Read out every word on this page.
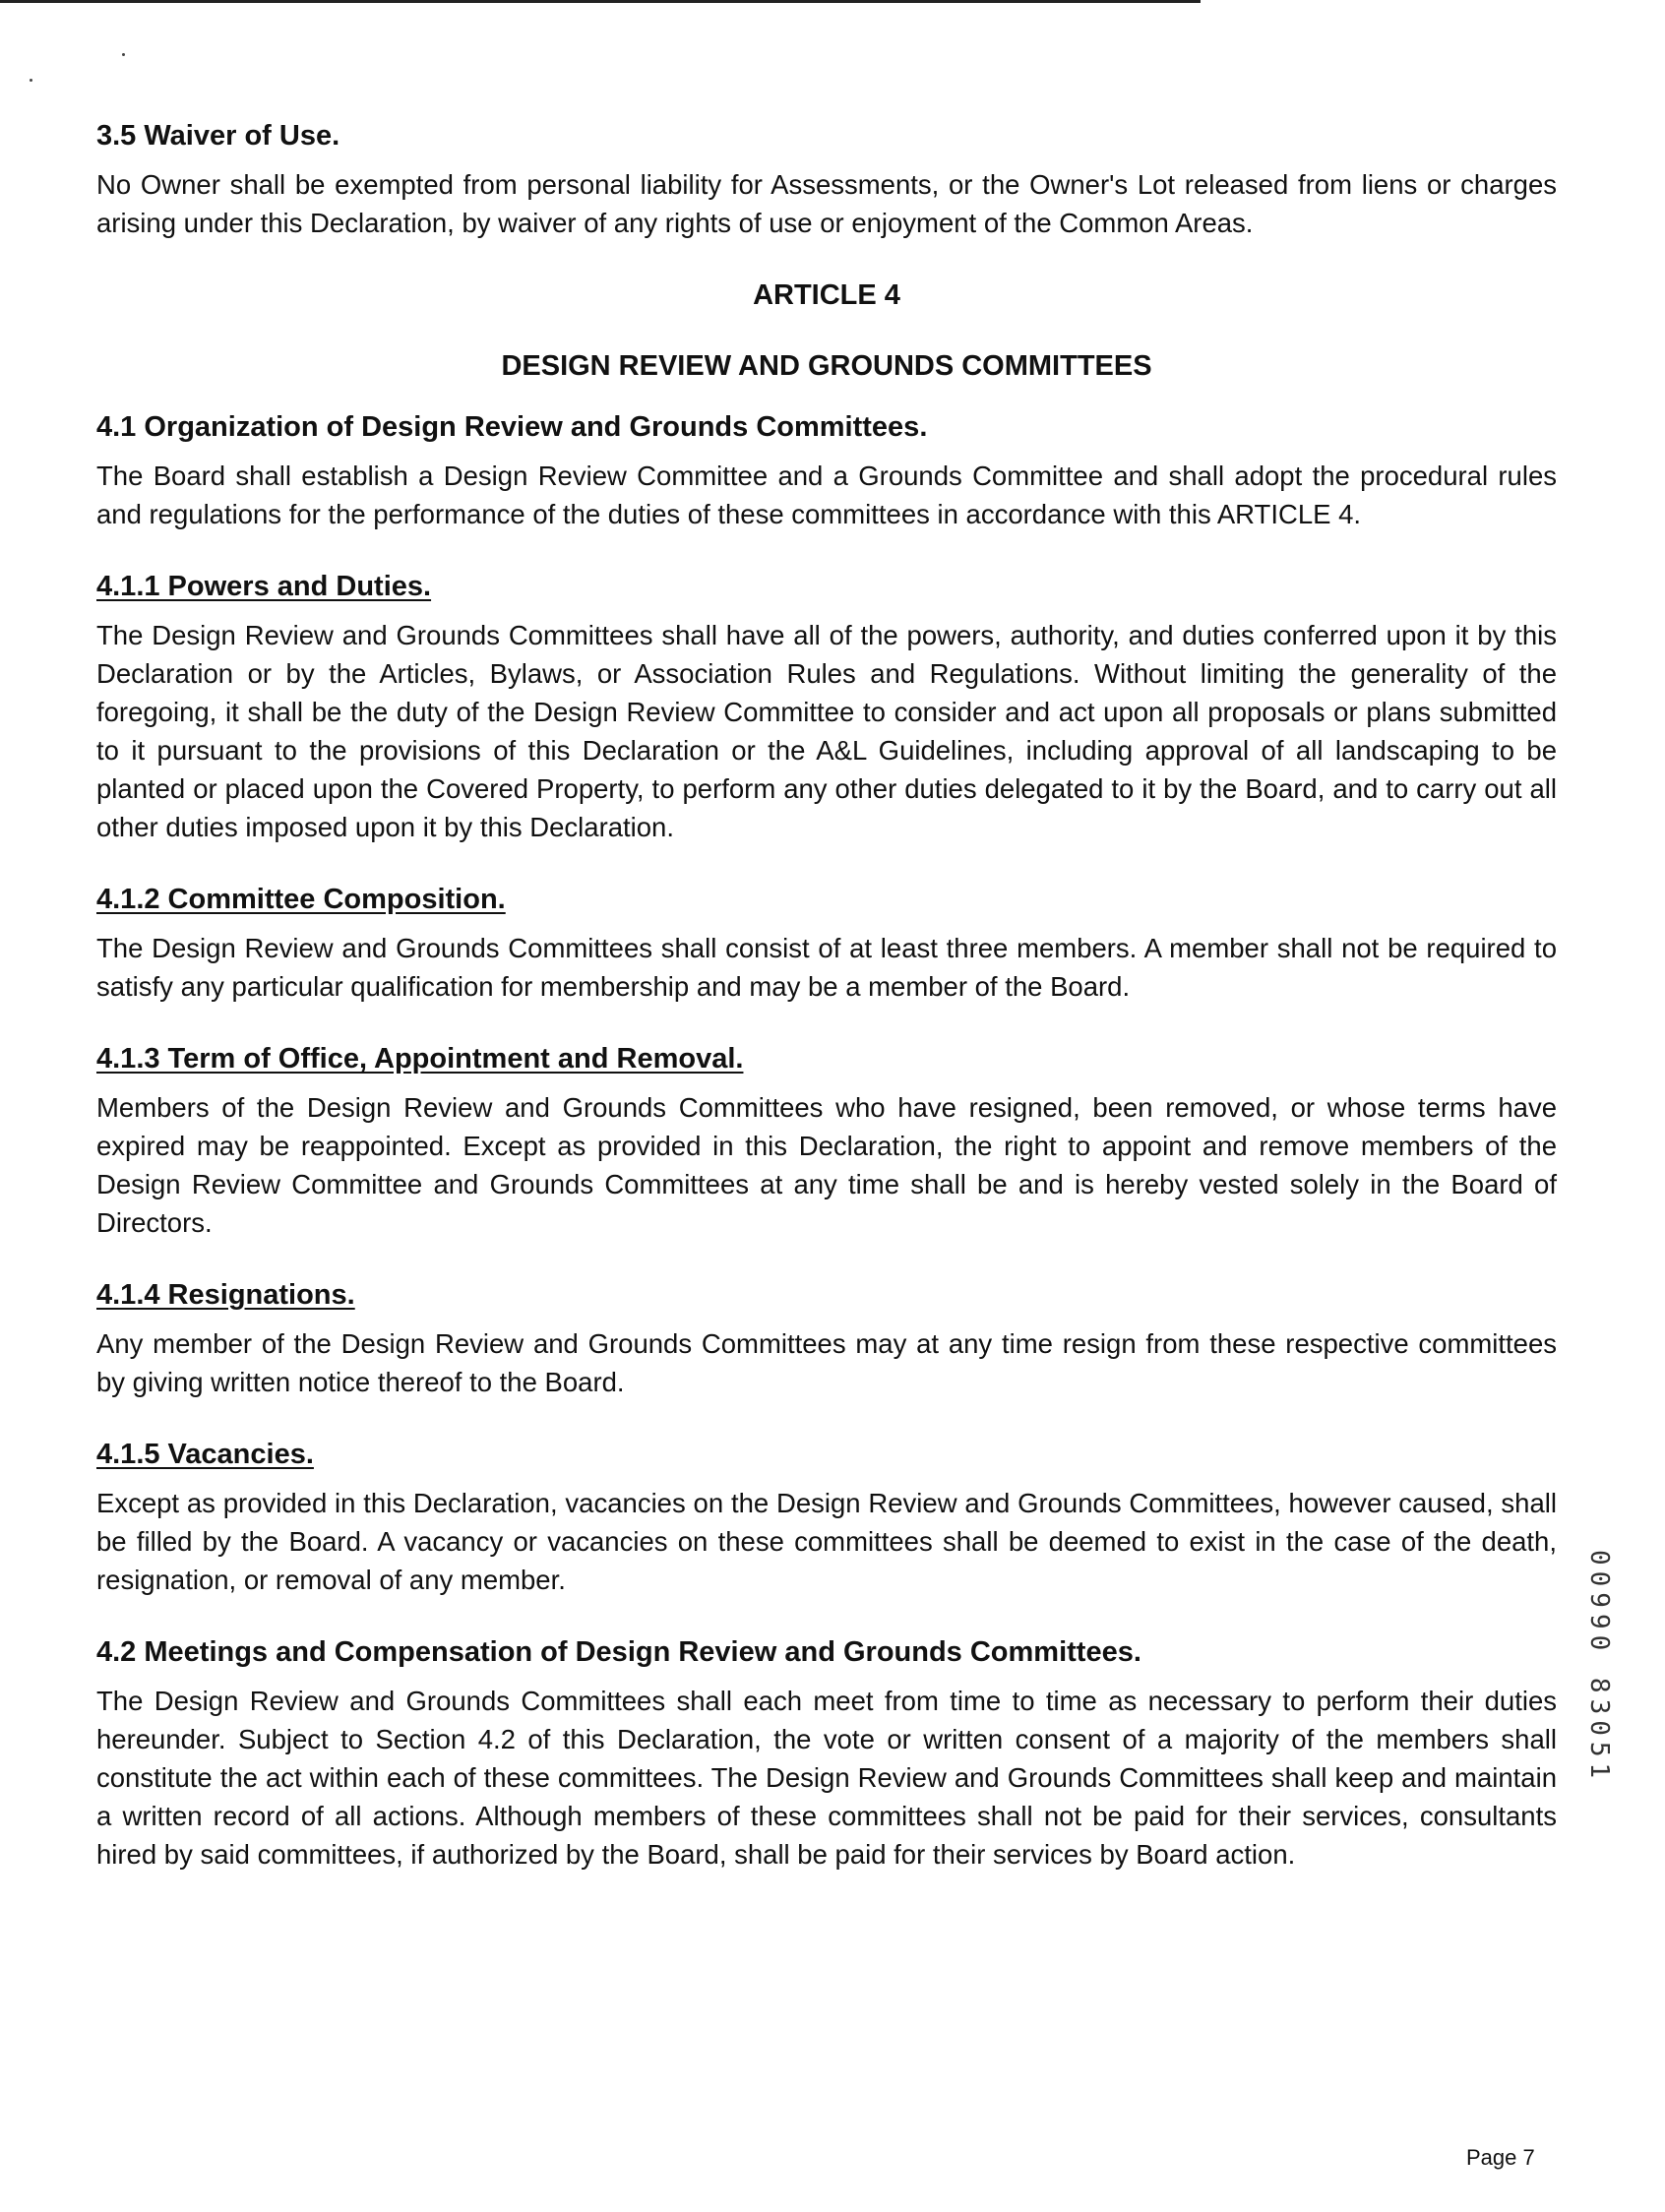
3.5 Waiver of Use.

No Owner shall be exempted from personal liability for Assessments, or the Owner's Lot released from liens or charges arising under this Declaration, by waiver of any rights of use or enjoyment of the Common Areas.

ARTICLE 4
DESIGN REVIEW AND GROUNDS COMMITTEES
4.1 Organization of Design Review and Grounds Committees.

The Board shall establish a Design Review Committee and a Grounds Committee and shall adopt the procedural rules and regulations for the performance of the duties of these committees in accordance with this ARTICLE 4.

4.1.1 Powers and Duties.

The Design Review and Grounds Committees shall have all of the powers, authority, and duties conferred upon it by this Declaration or by the Articles, Bylaws, or Association Rules and Regulations. Without limiting the generality of the foregoing, it shall be the duty of the Design Review Committee to consider and act upon all proposals or plans submitted to it pursuant to the provisions of this Declaration or the A&L Guidelines, including approval of all landscaping to be planted or placed upon the Covered Property, to perform any other duties delegated to it by the Board, and to carry out all other duties imposed upon it by this Declaration.

4.1.2 Committee Composition.

The Design Review and Grounds Committees shall consist of at least three members. A member shall not be required to satisfy any particular qualification for membership and may be a member of the Board.

4.1.3 Term of Office, Appointment and Removal.

Members of the Design Review and Grounds Committees who have resigned, been removed, or whose terms have expired may be reappointed. Except as provided in this Declaration, the right to appoint and remove members of the Design Review Committee and Grounds Committees at any time shall be and is hereby vested solely in the Board of Directors.

4.1.4 Resignations.

Any member of the Design Review and Grounds Committees may at any time resign from these respective committees by giving written notice thereof to the Board.

4.1.5 Vacancies.

Except as provided in this Declaration, vacancies on the Design Review and Grounds Committees, however caused, shall be filled by the Board. A vacancy or vacancies on these committees shall be deemed to exist in the case of the death, resignation, or removal of any member.

4.2 Meetings and Compensation of Design Review and Grounds Committees.

The Design Review and Grounds Committees shall each meet from time to time as necessary to perform their duties hereunder. Subject to Section 4.2 of this Declaration, the vote or written consent of a majority of the members shall constitute the act within each of these committees. The Design Review and Grounds Committees shall keep and maintain a written record of all actions. Although members of these committees shall not be paid for their services, consultants hired by said committees, if authorized by the Board, shall be paid for their services by Board action.

00990 83051
Page 7
